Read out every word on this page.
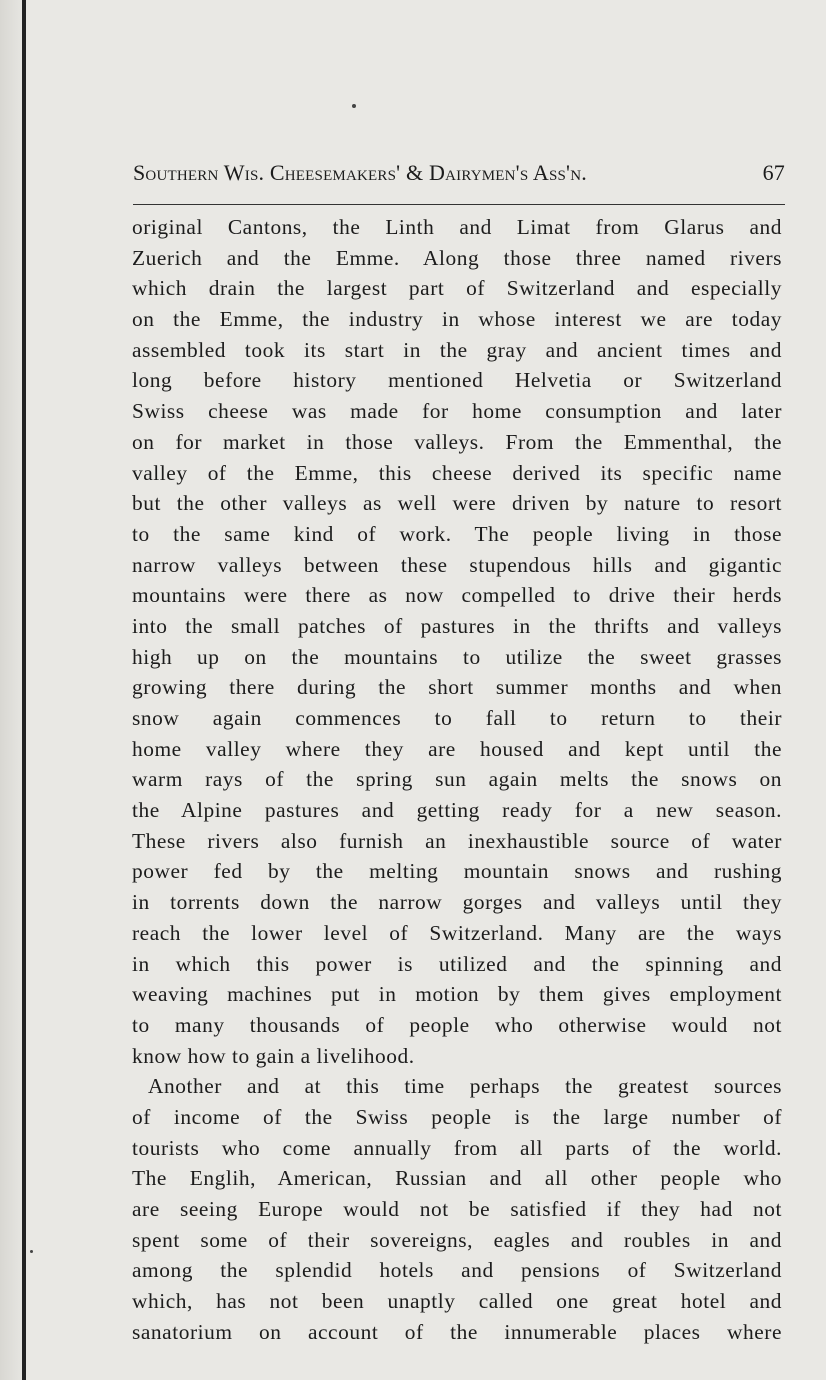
Southern Wis. Cheesemakers' & Dairymen's Ass'n.	67
original Cantons, the Linth and Limat from Glarus and
Zuerich and the Emme. Along those three named rivers
which drain the largest part of Switzerland and especially
on the Emme, the industry in whose interest we are today
assembled took its start in the gray and ancient times and
long before history mentioned Helvetia or Switzerland
Swiss cheese was made for home consumption and later
on for market in those valleys. From the Emmenthal, the
valley of the Emme, this cheese derived its specific name
but the other valleys as well were driven by nature to resort
to the same kind of work. The people living in those
narrow valleys between these stupendous hills and gigantic
mountains were there as now compelled to drive their herds
into the small patches of pastures in the thrifts and valleys
high up on the mountains to utilize the sweet grasses
growing there during the short summer months and when
snow again commences to fall to return to their
home valley where they are housed and kept until the
warm rays of the spring sun again melts the snows on
the Alpine pastures and getting ready for a new season.
These rivers also furnish an inexhaustible source of water
power fed by the melting mountain snows and rushing
in torrents down the narrow gorges and valleys until they
reach the lower level of Switzerland. Many are the ways
in which this power is utilized and the spinning and
weaving machines put in motion by them gives employment
to many thousands of people who otherwise would not
know how to gain a livelihood.
Another and at this time perhaps the greatest sources
of income of the Swiss people is the large number of
tourists who come annually from all parts of the world.
The Englih, American, Russian and all other people who
are seeing Europe would not be satisfied if they had not
spent some of their sovereigns, eagles and roubles in and
among the splendid hotels and pensions of Switzerland
which, has not been unaptly called one great hotel and
sanatorium on account of the innumerable places where
